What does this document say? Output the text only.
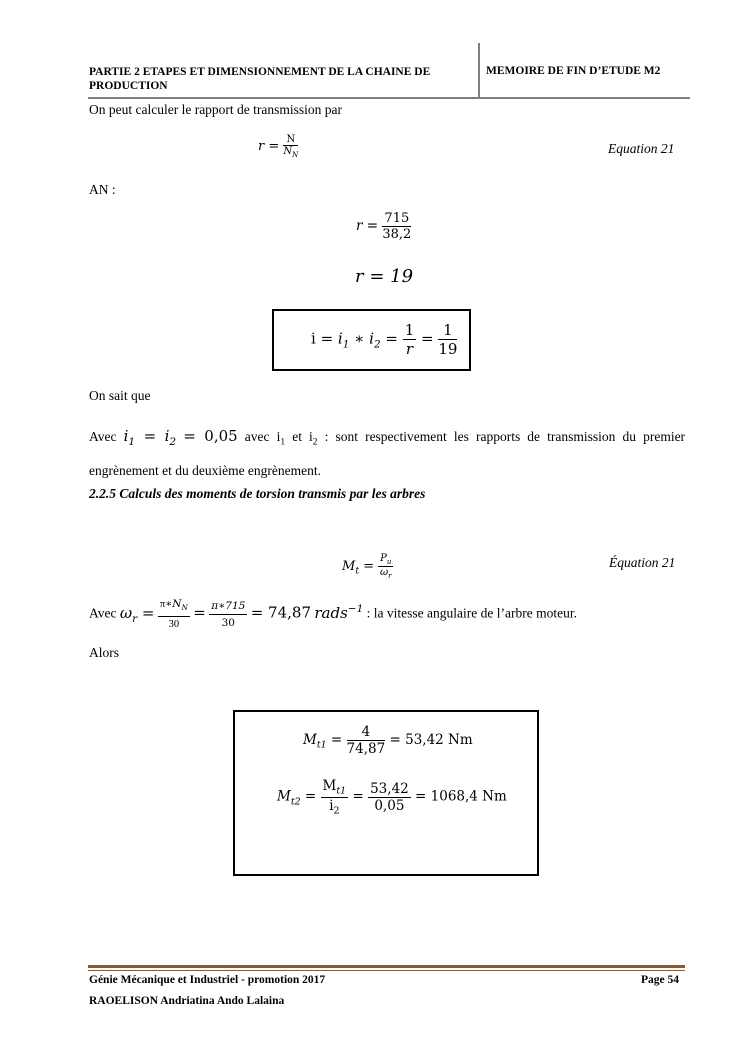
PARTIE 2 ETAPES ET DIMENSIONNEMENT DE LA CHAINE DE PRODUCTION
MEMOIRE DE FIN D’ETUDE M2
On peut calculer le rapport de transmission par
$r = \frac{N}{N_N}$	Equation 21
AN :
$r = \frac{715}{38,2}$
r = 19
$i = i_1$ ∗ $i_2 = \frac{1}{r} = \frac{1}{19}$
On sait que
Avec $i_1 = i_2 = 0,05$ avec $i_1$ et $i_2$ : sont respectivement les rapports de transmission du premier engrènement et du deuxième engrènement.
2.2.5 Calculs des moments de torsion transmis par les arbres
$M_t = \frac{P_u}{\omega_r}$	Équation 21
Avec $\omega_r = \frac{\pi∗N_N}{30} = \frac{\pi∗715}{30} = 74,87$ rads$^{-1}$ : la vitesse angulaire de l’arbre moteur.
Alors
$M_{t1} = \frac{4}{74,87} = 53,42$ Nm
$M_{t2} = \frac{M_{t1}}{i_2} = \frac{53,42}{0,05} = 1068,4$ Nm
Génie Mécanique et Industriel - promotion 2017	Page 54
RAOELISON Andriatina Ando Lalaina
